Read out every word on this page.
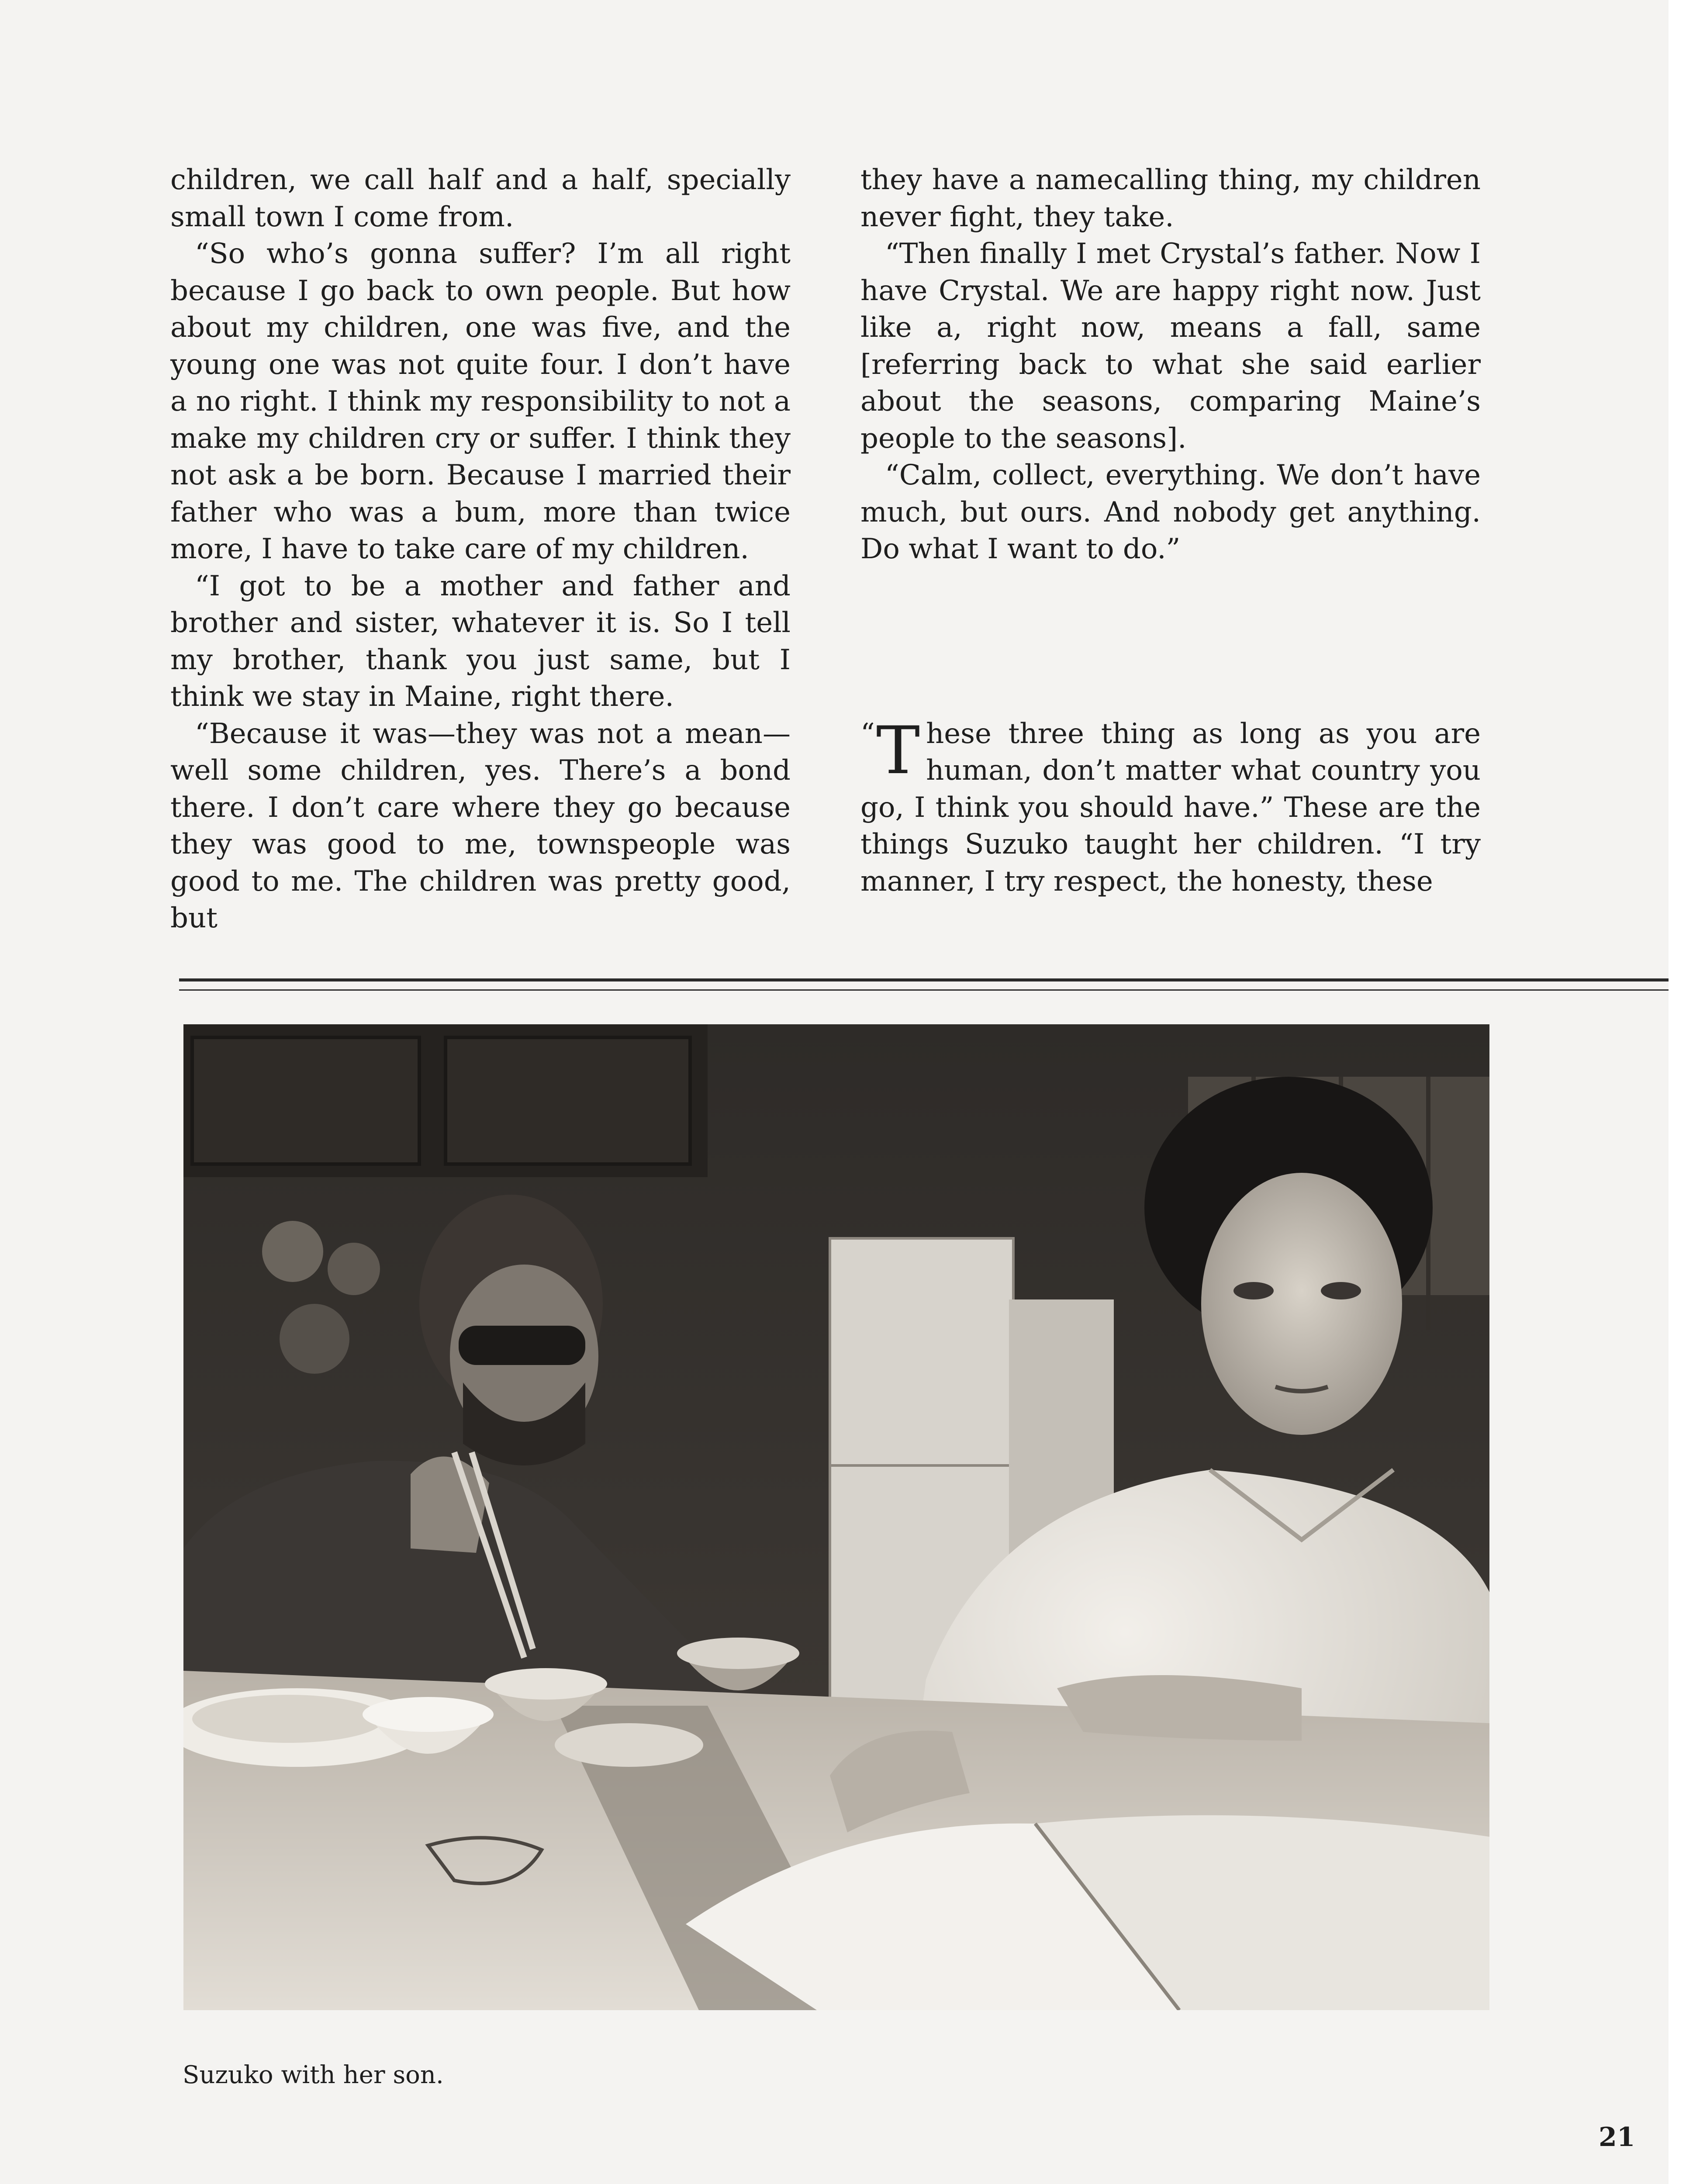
children, we call half and a half, specially small town I come from.

“So who’s gonna suffer? I’m all right because I go back to own people. But how about my children, one was five, and the young one was not quite four. I don’t have a no right. I think my responsibility to not a make my children cry or suffer. I think they not ask a be born. Because I married their father who was a bum, more than twice more, I have to take care of my children.

“I got to be a mother and father and brother and sister, whatever it is. So I tell my brother, thank you just same, but I think we stay in Maine, right there.

“Because it was—they was not a mean—well some children, yes. There’s a bond there. I don’t care where they go because they was good to me, townspeople was good to me. The children was pretty good, but

they have a namecalling thing, my children never fight, they take.

“Then finally I met Crystal’s father. Now I have Crystal. We are happy right now. Just like a, right now, means a fall, same [referring back to what she said earlier about the seasons, comparing Maine’s people to the seasons].

“Calm, collect, everything. We don’t have much, but ours. And nobody get anything. Do what I want to do.”

“ T hese three thing as long as you are human, don’t matter what country you go, I think you should have.” These are the things Suzuko taught her children. “I try manner, I try respect, the honesty, these
Suzuko with her son.
21
